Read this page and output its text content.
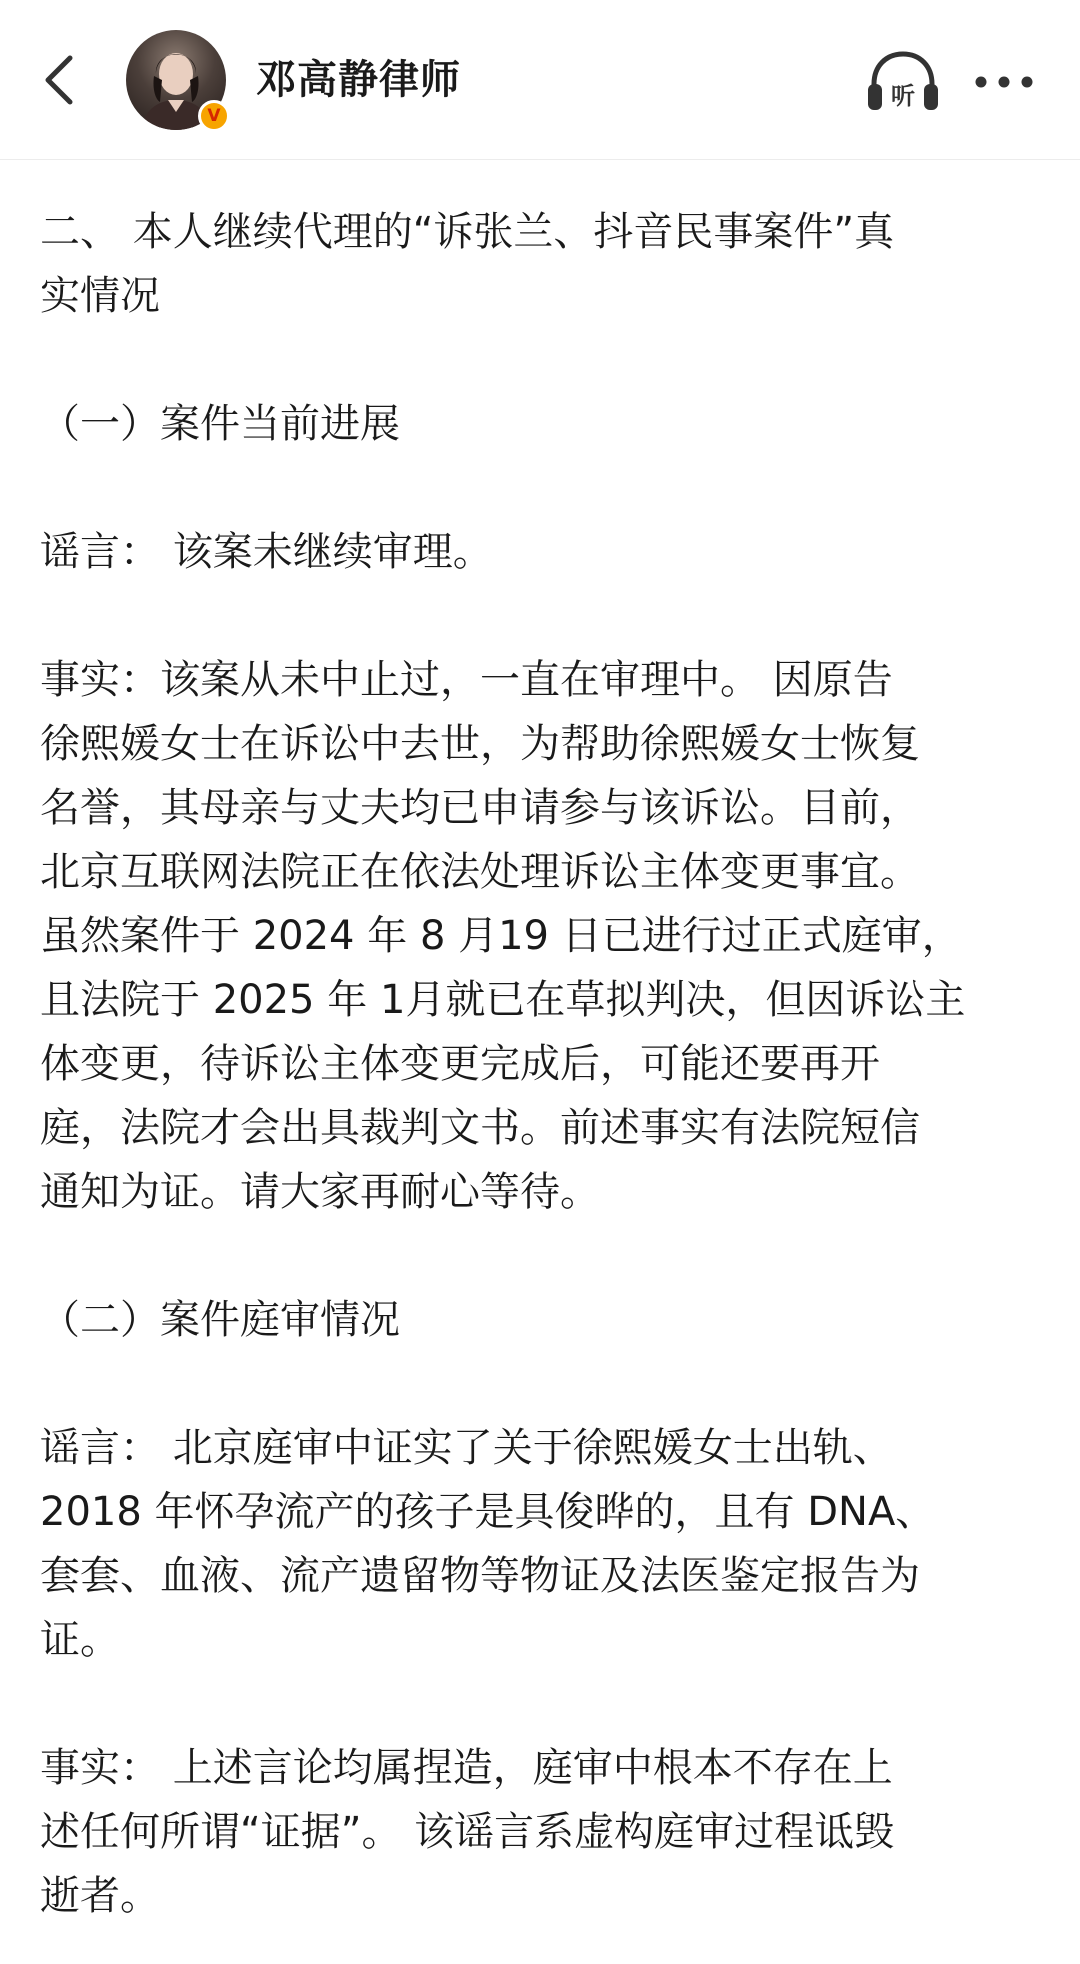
V
邓高静律师	听

二、 本人继续代理的“诉张兰、抖音民事案件”真
实情况

（一）案件当前进展

谣言： 该案未继续审理。

事实：该案从未中止过，一直在审理中。 因原告
徐熙媛女士在诉讼中去世，为帮助徐熙媛女士恢复
名誉，其母亲与丈夫均已申请参与该诉讼。目前，
北京互联网法院正在依法处理诉讼主体变更事宜。
虽然案件于 2024 年 8 月19 日已进行过正式庭审，
且法院于 2025 年 1月就已在草拟判决，但因诉讼主
体变更，待诉讼主体变更完成后，可能还要再开
庭，法院才会出具裁判文书。前述事实有法院短信
通知为证。请大家再耐心等待。

（二）案件庭审情况

谣言： 北京庭审中证实了关于徐熙媛女士出轨、
2018 年怀孕流产的孩子是具俊晔的，且有 DNA、
套套、血液、流产遗留物等物证及法医鉴定报告为
证。

事实： 上述言论均属捏造，庭审中根本不存在上
述任何所谓“证据”。 该谣言系虚构庭审过程诋毁
逝者。
